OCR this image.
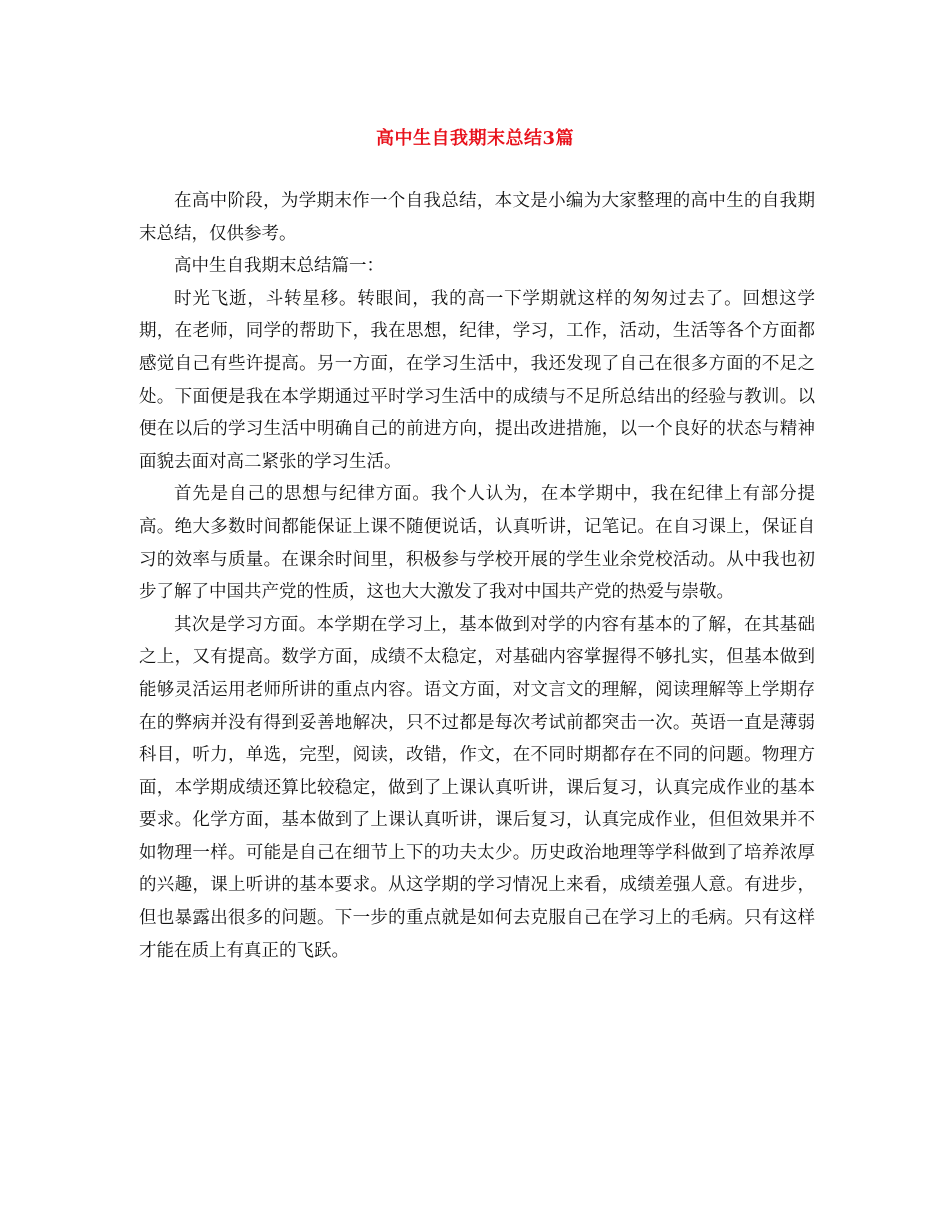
高中生自我期末总结3篇

在高中阶段，为学期末作一个自我总结，本文是小编为大家整理的高中生的自我期末总结，仅供参考。

高中生自我期末总结篇一：

时光飞逝，斗转星移。转眼间，我的高一下学期就这样的匆匆过去了。回想这学期，在老师，同学的帮助下，我在思想，纪律，学习，工作，活动，生活等各个方面都感觉自己有些许提高。另一方面，在学习生活中，我还发现了自己在很多方面的不足之处。下面便是我在本学期通过平时学习生活中的成绩与不足所总结出的经验与教训。以便在以后的学习生活中明确自己的前进方向，提出改进措施，以一个良好的状态与精神面貌去面对高二紧张的学习生活。

首先是自己的思想与纪律方面。我个人认为，在本学期中，我在纪律上有部分提高。绝大多数时间都能保证上课不随便说话，认真听讲，记笔记。在自习课上，保证自习的效率与质量。在课余时间里，积极参与学校开展的学生业余党校活动。从中我也初步了解了中国共产党的性质，这也大大激发了我对中国共产党的热爱与崇敬。

其次是学习方面。本学期在学习上，基本做到对学的内容有基本的了解，在其基础之上，又有提高。数学方面，成绩不太稳定，对基础内容掌握得不够扎实，但基本做到能够灵活运用老师所讲的重点内容。语文方面，对文言文的理解，阅读理解等上学期存在的弊病并没有得到妥善地解决，只不过都是每次考试前都突击一次。英语一直是薄弱科目，听力，单选，完型，阅读，改错，作文，在不同时期都存在不同的问题。物理方面，本学期成绩还算比较稳定，做到了上课认真听讲，课后复习，认真完成作业的基本要求。化学方面，基本做到了上课认真听讲，课后复习，认真完成作业，但但效果并不如物理一样。可能是自己在细节上下的功夫太少。历史政治地理等学科做到了培养浓厚的兴趣，课上听讲的基本要求。从这学期的学习情况上来看，成绩差强人意。有进步，但也暴露出很多的问题。下一步的重点就是如何去克服自己在学习上的毛病。只有这样才能在质上有真正的飞跃。
